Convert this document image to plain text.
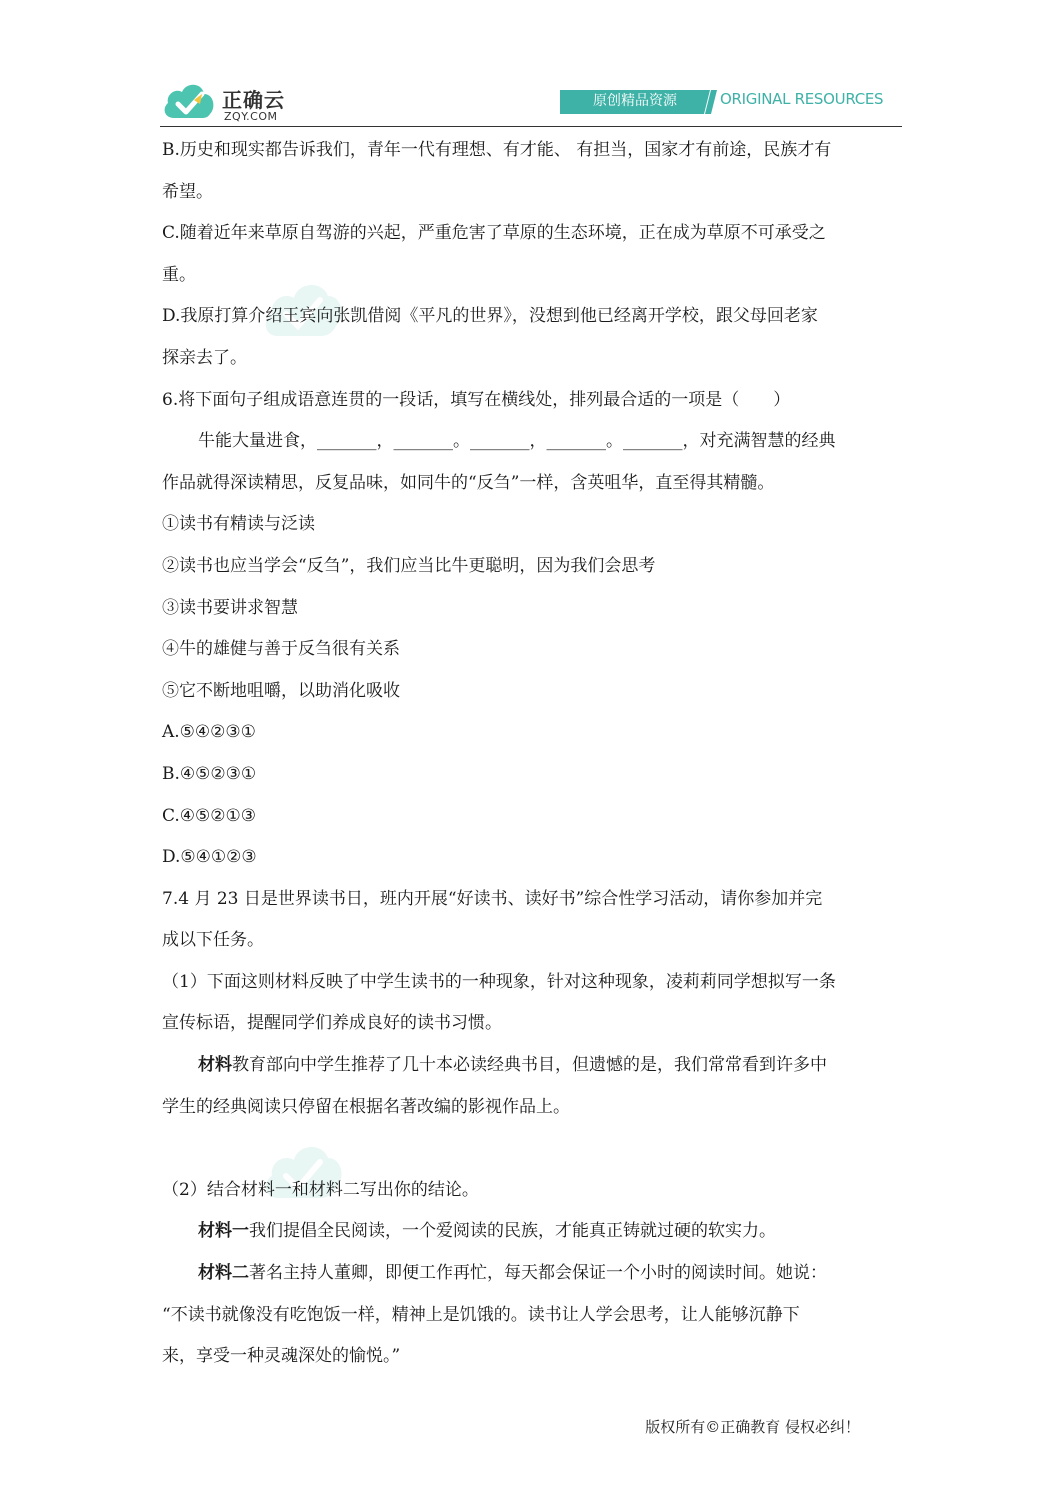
正确云
ZQY.COM
原创精品资源	ORIGINAL RESOURCES
B.历史和现实都告诉我们，青年一代有理想、有才能、 有担当，国家才有前途，民族才有
希望。
C.随着近年来草原自驾游的兴起，严重危害了草原的生态环境，正在成为草原不可承受之
重。
D.我原打算介绍王宾向张凯借阅《平凡的世界》，没想到他已经离开学校，跟父母回老家
探亲去了。
6.将下面句子组成语意连贯的一段话，填写在横线处，排列最合适的一项是（　　）
牛能大量进食，_______，_______。_______，_______。_______，对充满智慧的经典
作品就得深读精思，反复品味，如同牛的“反刍”一样，含英咀华，直至得其精髓。
①读书有精读与泛读
②读书也应当学会“反刍”，我们应当比牛更聪明，因为我们会思考
③读书要讲求智慧
④牛的雄健与善于反刍很有关系
⑤它不断地咀嚼，以助消化吸收
A.⑤④②③①
B.④⑤②③①
C.④⑤②①③
D.⑤④①②③
7.4 月 23 日是世界读书日，班内开展“好读书、读好书”综合性学习活动，请你参加并完
成以下任务。
（1）下面这则材料反映了中学生读书的一种现象，针对这种现象，凌莉莉同学想拟写一条
宣传标语，提醒同学们养成良好的读书习惯。
材料教育部向中学生推荐了几十本必读经典书目，但遗憾的是，我们常常看到许多中
学生的经典阅读只停留在根据名著改编的影视作品上。
（2）结合材料一和材料二写出你的结论。
材料一我们提倡全民阅读，一个爱阅读的民族，才能真正铸就过硬的软实力。
材料二著名主持人董卿，即便工作再忙，每天都会保证一个小时的阅读时间。她说：
“不读书就像没有吃饱饭一样，精神上是饥饿的。读书让人学会思考，让人能够沉静下
来，享受一种灵魂深处的愉悦。”
版权所有©正确教育 侵权必纠！
